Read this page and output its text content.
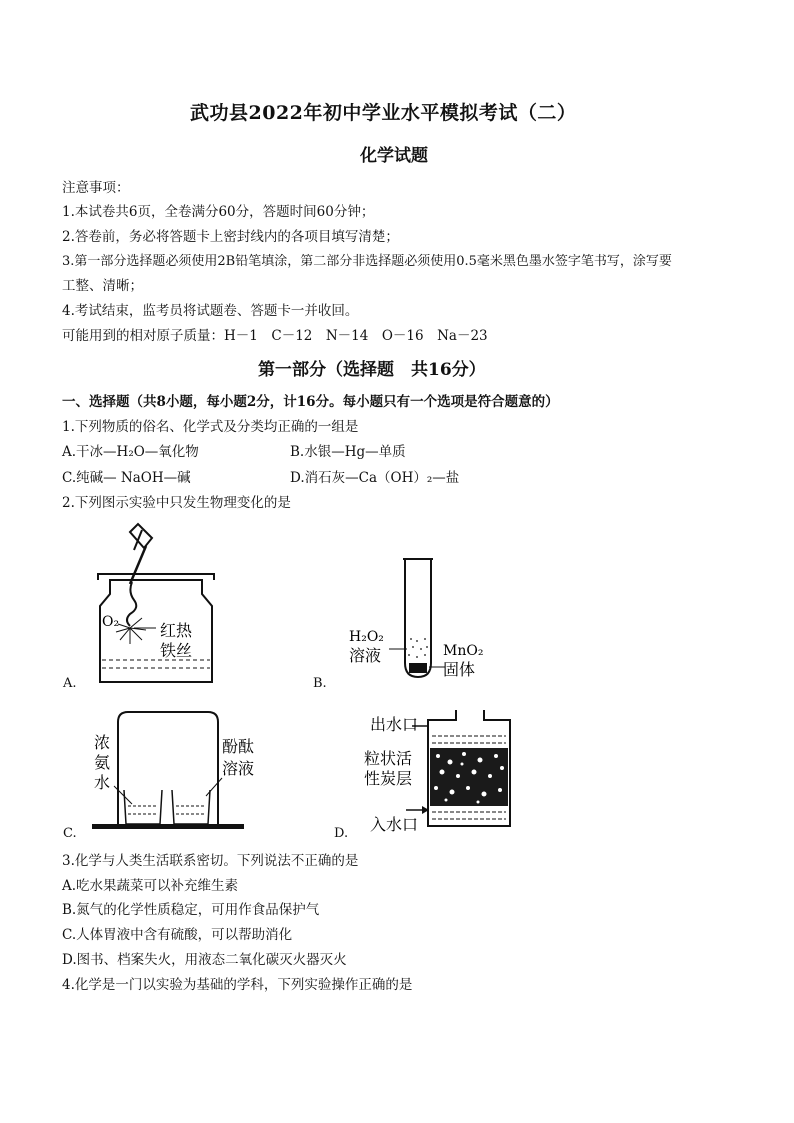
武功县2022年初中学业水平模拟考试（二）
化学试题
注意事项：
1.本试卷共6页，全卷满分60分，答题时间60分钟；
2.答卷前，务必将答题卡上密封线内的各项目填写清楚；
3.第一部分选择题必须使用2B铅笔填涂，第二部分非选择题必须使用0.5毫米黑色墨水签字笔书写，涂写要
工整、清晰；
4.考试结束，监考员将试题卷、答题卡一并收回。
可能用到的相对原子质量：H－1　C－12　N－14　O－16　Na－23
第一部分（选择题　共16分）
一、选择题（共8小题，每小题2分，计16分。每小题只有一个选项是符合题意的）
1.下列物质的俗名、化学式及分类均正确的一组是
A.干冰—H₂O—氧化物	B.水银—Hg—单质
C.纯碱— NaOH—碱	D.消石灰—Ca（OH）₂—盐
2.下列图示实验中只发生物理变化的是
A.
O₂	红热
铁丝
B.
H₂O₂
溶液	MnO₂
固体
C.
浓
氨
水
酚酞
溶液
D.
出水口
粒状活
性炭层
入水口
3.化学与人类生活联系密切。下列说法不正确的是
A.吃水果蔬菜可以补充维生素
B.氮气的化学性质稳定，可用作食品保护气
C.人体胃液中含有硫酸，可以帮助消化
D.图书、档案失火，用液态二氧化碳灭火器灭火
4.化学是一门以实验为基础的学科，下列实验操作正确的是
